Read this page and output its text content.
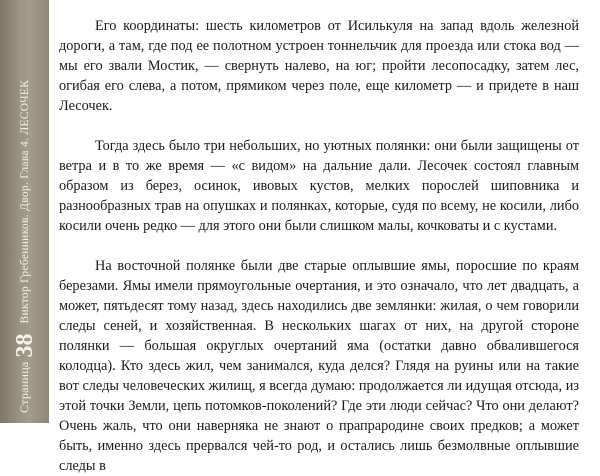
Страница
38
Виктор Гребенников. Двор. Глава 4. ЛЕСОЧЕК

Его координаты: шесть километров от Исилькуля на запад вдоль железной дороги, а там, где под ее полотном устроен тоннельчик для проезда или стока вод — мы его звали Мостик, — свернуть налево, на юг; пройти лесопосадку, затем лес, огибая его слева, а потом, прямиком через поле, еще километр — и придете в наш Лесочек.

Тогда здесь было три небольших, но уютных полянки: они были защищены от ветра и в то же время — «с видом» на дальние дали. Лесочек состоял главным образом из берез, осинок, ивовых кустов, мелких порослей шиповника и разнообразных трав на опушках и полянках, которые, судя по всему, не косили, либо косили очень редко — для этого они были слишком малы, кочковаты и с кустами.

На восточной полянке были две старые оплывшие ямы, поросшие по краям березами. Ямы имели прямоугольные очертания, и это означало, что лет двадцать, а может, пятьдесят тому назад, здесь находились две землянки: жилая, о чем говорили следы сеней, и хозяйственная. В нескольких шагах от них, на другой стороне полянки — большая округлых очертаний яма (остатки давно обвалившегося колодца). Кто здесь жил, чем занимался, куда делся? Глядя на руины или на такие вот следы человеческих жилищ, я всегда думаю: продолжается ли идущая отсюда, из этой точки Земли, цепь потомков-поколений? Где эти люди сейчас? Что они делают? Очень жаль, что они наверняка не знают о прапрародине своих предков; а может быть, именно здесь прервался чей-то род, и остались лишь безмолвные оплывшие следы в
